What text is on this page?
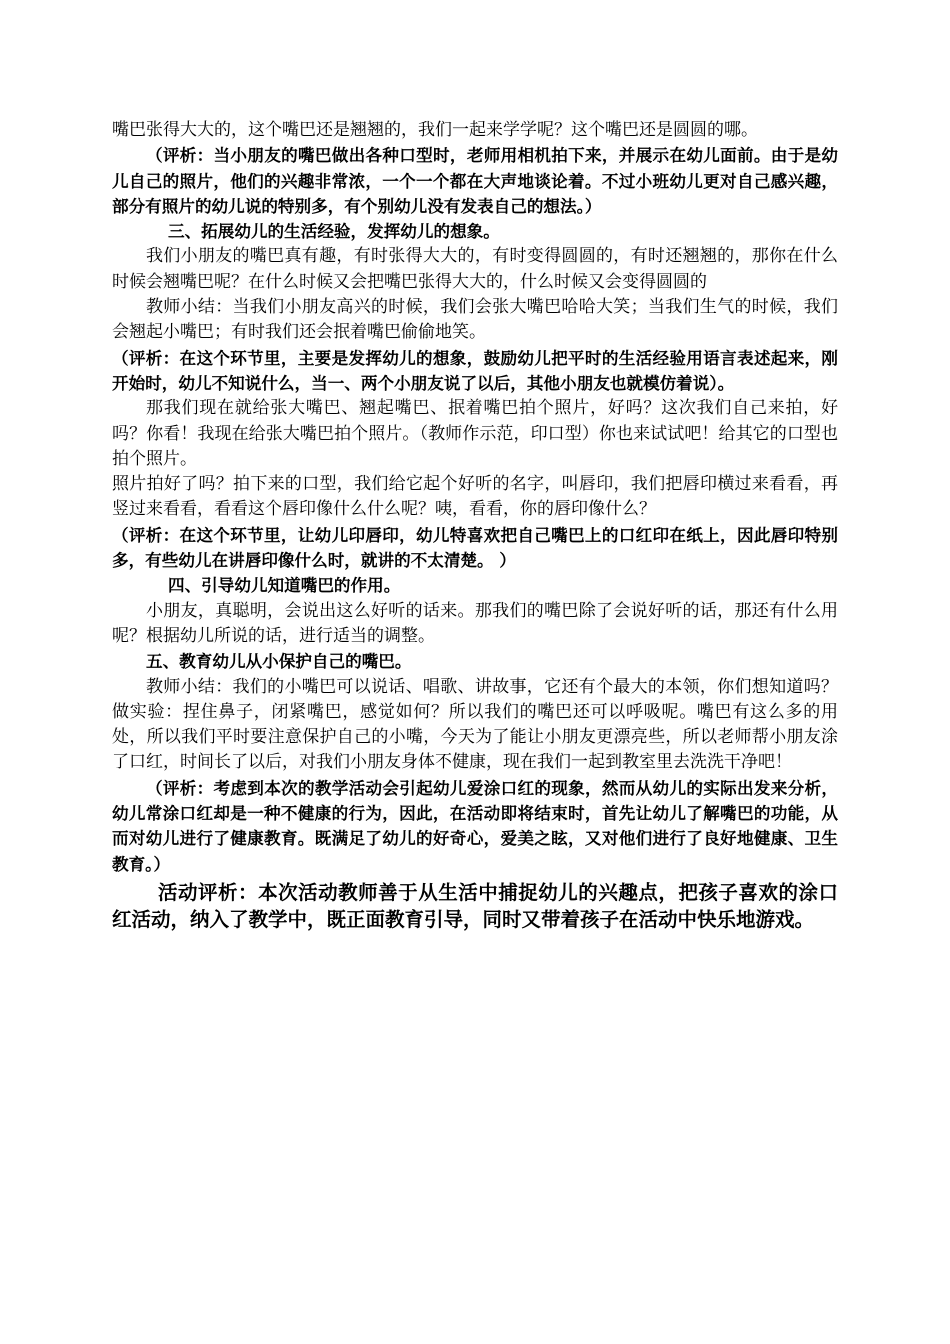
嘴巴张得大大的，这个嘴巴还是翘翘的，我们一起来学学呢？这个嘴巴还是圆圆的哪。

（评析：当小朋友的嘴巴做出各种口型时，老师用相机拍下来，并展示在幼儿面前。由于是幼儿自己的照片，他们的兴趣非常浓，一个一个都在大声地谈论着。不过小班幼儿更对自己感兴趣，部分有照片的幼儿说的特别多，有个别幼儿没有发表自己的想法。）

三、拓展幼儿的生活经验，发挥幼儿的想象。

我们小朋友的嘴巴真有趣，有时张得大大的，有时变得圆圆的，有时还翘翘的，那你在什么时候会翘嘴巴呢？在什么时候又会把嘴巴张得大大的，什么时候又会变得圆圆的

教师小结：当我们小朋友高兴的时候，我们会张大嘴巴哈哈大笑；当我们生气的时候，我们会翘起小嘴巴；有时我们还会抿着嘴巴偷偷地笑。

（评析：在这个环节里，主要是发挥幼儿的想象，鼓励幼儿把平时的生活经验用语言表述起来，刚开始时，幼儿不知说什么，当一、两个小朋友说了以后，其他小朋友也就模仿着说）。

那我们现在就给张大嘴巴、翘起嘴巴、抿着嘴巴拍个照片，好吗？这次我们自己来拍，好吗？你看！我现在给张大嘴巴拍个照片。（教师作示范，印口型）你也来试试吧！给其它的口型也拍个照片。

照片拍好了吗？拍下来的口型，我们给它起个好听的名字，叫唇印，我们把唇印横过来看看，再竖过来看看，看看这个唇印像什么什么呢？咦，看看，你的唇印像什么？

（评析：在这个环节里，让幼儿印唇印，幼儿特喜欢把自己嘴巴上的口红印在纸上，因此唇印特别多，有些幼儿在讲唇印像什么时，就讲的不太清楚。 ）

四、引导幼儿知道嘴巴的作用。

小朋友，真聪明，会说出这么好听的话来。那我们的嘴巴除了会说好听的话，那还有什么用呢？根据幼儿所说的话，进行适当的调整。

五、教育幼儿从小保护自己的嘴巴。

教师小结：我们的小嘴巴可以说话、唱歌、讲故事，它还有个最大的本领，你们想知道吗？做实验：捏住鼻子，闭紧嘴巴，感觉如何？所以我们的嘴巴还可以呼吸呢。嘴巴有这么多的用处，所以我们平时要注意保护自己的小嘴，今天为了能让小朋友更漂亮些，所以老师帮小朋友涂了口红，时间长了以后，对我们小朋友身体不健康，现在我们一起到教室里去洗洗干净吧！

（评析：考虑到本次的教学活动会引起幼儿爱涂口红的现象，然而从幼儿的实际出发来分析，幼儿常涂口红却是一种不健康的行为，因此，在活动即将结束时，首先让幼儿了解嘴巴的功能，从而对幼儿进行了健康教育。既满足了幼儿的好奇心，爱美之眩，又对他们进行了良好地健康、卫生教育。）

活动评析：本次活动教师善于从生活中捕捉幼儿的兴趣点，把孩子喜欢的涂口红活动，纳入了教学中，既正面教育引导，同时又带着孩子在活动中快乐地游戏。
